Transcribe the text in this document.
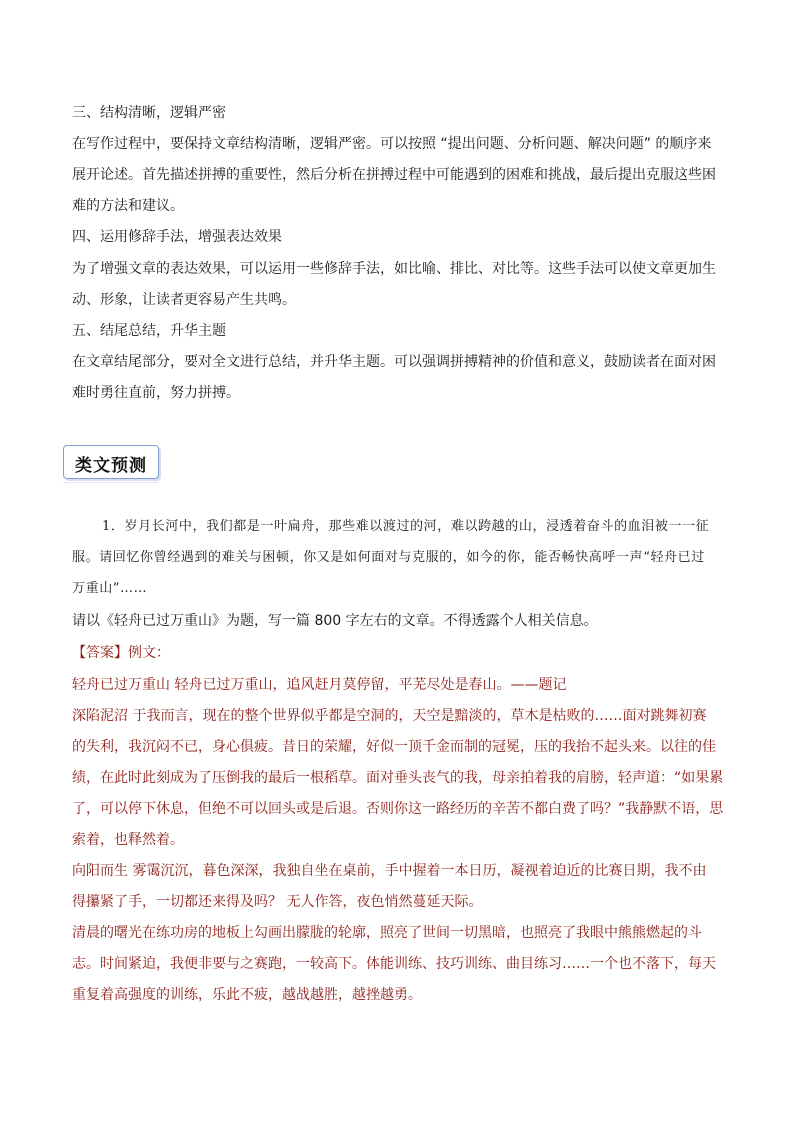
三、结构清晰，逻辑严密
在写作过程中，要保持文章结构清晰，逻辑严密。可以按照 “提出问题、分析问题、解决问题” 的顺序来
展开论述。首先描述拼搏的重要性，然后分析在拼搏过程中可能遇到的困难和挑战，最后提出克服这些困
难的方法和建议。
四、运用修辞手法，增强表达效果
为了增强文章的表达效果，可以运用一些修辞手法，如比喻、排比、对比等。这些手法可以使文章更加生
动、形象，让读者更容易产生共鸣。
五、结尾总结，升华主题
在文章结尾部分，要对全文进行总结，并升华主题。可以强调拼搏精神的价值和意义，鼓励读者在面对困
难时勇往直前，努力拼搏。
类文预测
1．岁月长河中，我们都是一叶扁舟，那些难以渡过的河，难以跨越的山，浸透着奋斗的血泪被一一征
服。请回忆你曾经遇到的难关与困顿，你又是如何面对与克服的，如今的你，能否畅快高呼一声“轻舟已过
万重山”……
请以《轻舟已过万重山》为题，写一篇 800 字左右的文章。不得透露个人相关信息。
【答案】例文：
轻舟已过万重山 轻舟已过万重山，追风赶月莫停留，平芜尽处是春山。——题记
深陷泥沼 于我而言，现在的整个世界似乎都是空洞的，天空是黯淡的，草木是枯败的……面对跳舞初赛
的失利，我沉闷不已，身心俱疲。昔日的荣耀，好似一顶千金而制的冠冕，压的我抬不起头来。以往的佳
绩，在此时此刻成为了压倒我的最后一根稻草。面对垂头丧气的我，母亲拍着我的肩膀，轻声道：“如果累
了，可以停下休息，但绝不可以回头或是后退。否则你这一路经历的辛苦不都白费了吗？”我静默不语，思
索着，也释然着。
向阳而生 雾霭沉沉，暮色深深，我独自坐在桌前，手中握着一本日历，凝视着迫近的比赛日期，我不由
得攥紧了手，一切都还来得及吗？ 无人作答，夜色悄然蔓延天际。
清晨的曙光在练功房的地板上勾画出朦胧的轮廓，照亮了世间一切黑暗，也照亮了我眼中熊熊燃起的斗
志。时间紧迫，我便非要与之赛跑，一较高下。体能训练、技巧训练、曲目练习……一个也不落下，每天
重复着高强度的训练，乐此不疲，越战越胜，越挫越勇。
